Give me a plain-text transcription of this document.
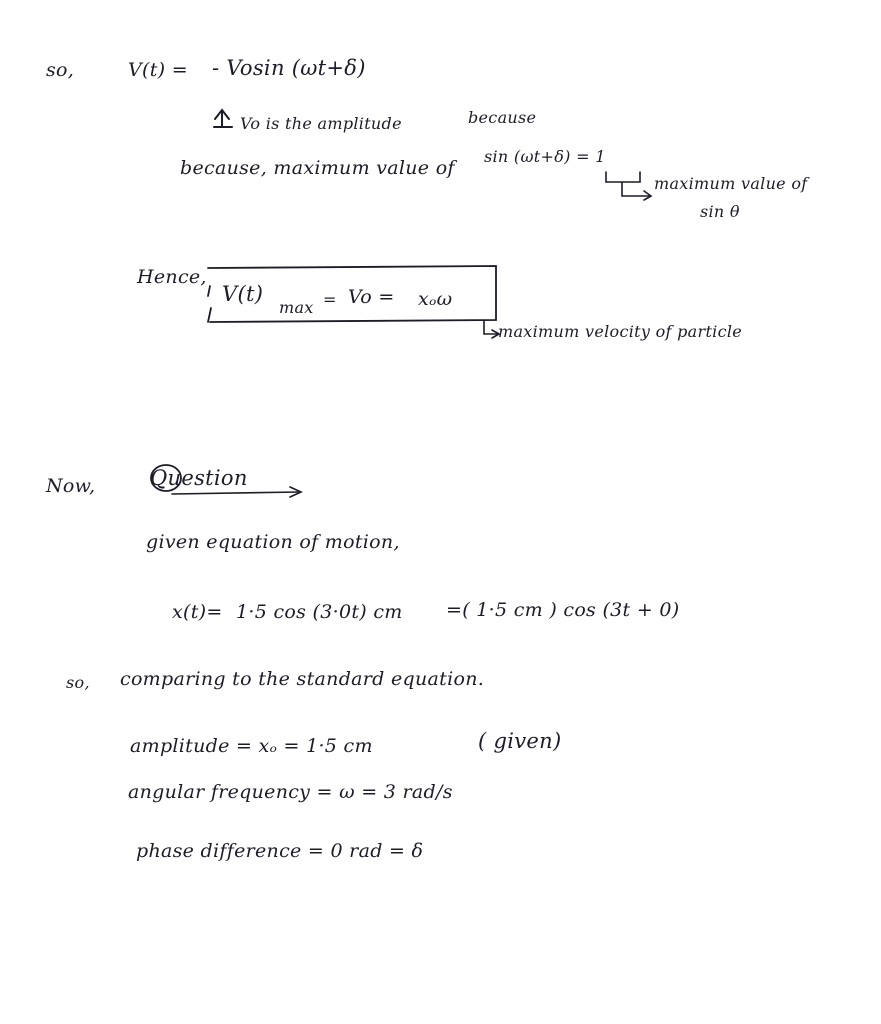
so,	V(t) = - Vosin (ωt+δ)
Vo is the amplitude	because
because, maximum value of
sin (ωt+δ) = 1
maximum value of
sin θ
Hence,
V(t)
max = Vo = xₒω
maximum velocity of particle
Now,	Question
given equation of motion,
x(t)= 1·5 cos (3·0t) cm =( 1·5 cm ) cos (3t + 0)
so, comparing to the standard equation.
amplitude = xₒ = 1·5 cm	( given)
angular frequency = ω = 3 rad/s
phase difference = 0 rad = δ
